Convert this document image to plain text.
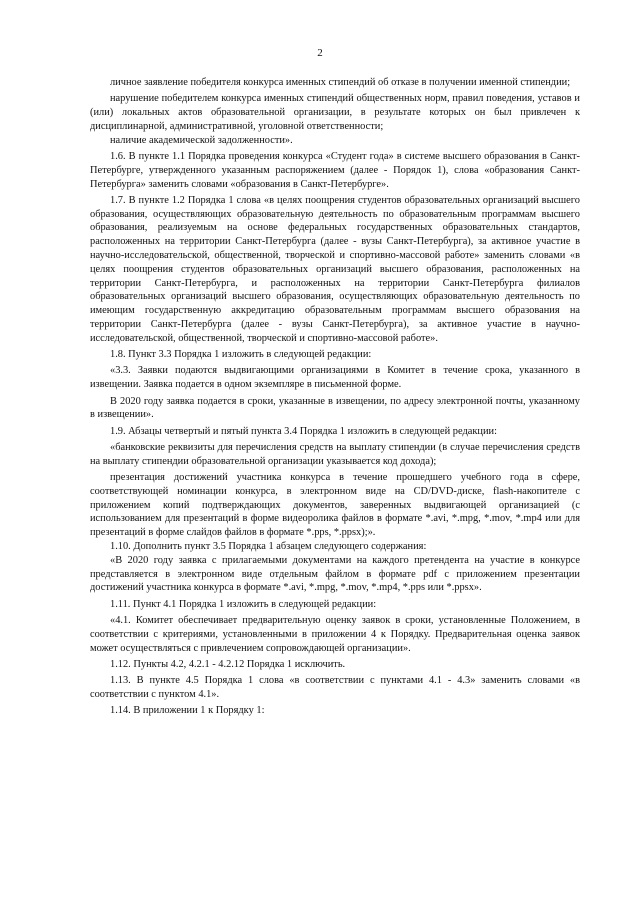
2

личное заявление победителя конкурса именных стипендий об отказе в получении именной стипендии;

нарушение победителем конкурса именных стипендий общественных норм, правил поведения, уставов и (или) локальных актов образовательной организации, в результате которых он был привлечен к дисциплинарной, административной, уголовной ответственности;

наличие академической задолженности».

1.6. В пункте 1.1 Порядка проведения конкурса «Студент года» в системе высшего образования в Санкт-Петербурге, утвержденного указанным распоряжением (далее - Порядок 1), слова «образования Санкт-Петербурга» заменить словами «образования в Санкт-Петербурге».

1.7. В пункте 1.2 Порядка 1 слова «в целях поощрения студентов образовательных организаций высшего образования, осуществляющих образовательную деятельность по образовательным программам высшего образования, реализуемым на основе федеральных государственных образовательных стандартов, расположенных на территории Санкт-Петербурга (далее - вузы Санкт-Петербурга), за активное участие в научно-исследовательской, общественной, творческой и спортивно-массовой работе» заменить словами «в целях поощрения студентов образовательных организаций высшего образования, расположенных на территории Санкт-Петербурга, и расположенных на территории Санкт-Петербурга филиалов образовательных организаций высшего образования, осуществляющих образовательную деятельность по имеющим государственную аккредитацию образовательным программам высшего образования на территории Санкт-Петербурга (далее - вузы Санкт-Петербурга), за активное участие в научно-исследовательской, общественной, творческой и спортивно-массовой работе».

1.8. Пункт 3.3 Порядка 1 изложить в следующей редакции:

«3.3. Заявки подаются выдвигающими организациями в Комитет в течение срока, указанного в извещении. Заявка подается в одном экземпляре в письменной форме.

В 2020 году заявка подается в сроки, указанные в извещении, по адресу электронной почты, указанному в извещении».

1.9. Абзацы четвертый и пятый пункта 3.4 Порядка 1 изложить в следующей редакции:

«банковские реквизиты для перечисления средств на выплату стипендии (в случае перечисления средств на выплату стипендии образовательной организации указывается код дохода);

презентация достижений участника конкурса в течение прошедшего учебного года в сфере, соответствующей номинации конкурса, в электронном виде на CD/DVD-диске, flash-накопителе с приложением копий подтверждающих документов, заверенных выдвигающей организацией (с использованием для презентаций в форме видеоролика файлов в формате *.avi, *.mpg, *.mov, *.mp4 или для презентаций в форме слайдов файлов в формате *.pps, *.ppsx);».

1.10. Дополнить пункт 3.5 Порядка 1 абзацем следующего содержания:

«В 2020 году заявка с прилагаемыми документами на каждого претендента на участие в конкурсе представляется в электронном виде отдельным файлом в формате pdf с приложением презентации достижений участника конкурса в формате *.avi, *.mpg, *.mov, *.mp4, *.pps или *.ppsx».

1.11. Пункт 4.1 Порядка 1 изложить в следующей редакции:

«4.1. Комитет обеспечивает предварительную оценку заявок в сроки, установленные Положением, в соответствии с критериями, установленными в приложении 4 к Порядку. Предварительная оценка заявок может осуществляться с привлечением сопровождающей организации».

1.12. Пункты 4.2, 4.2.1 - 4.2.12 Порядка 1 исключить.

1.13. В пункте 4.5 Порядка 1 слова «в соответствии с пунктами 4.1 - 4.3» заменить словами «в соответствии с пунктом 4.1».

1.14. В приложении 1 к Порядку 1:
